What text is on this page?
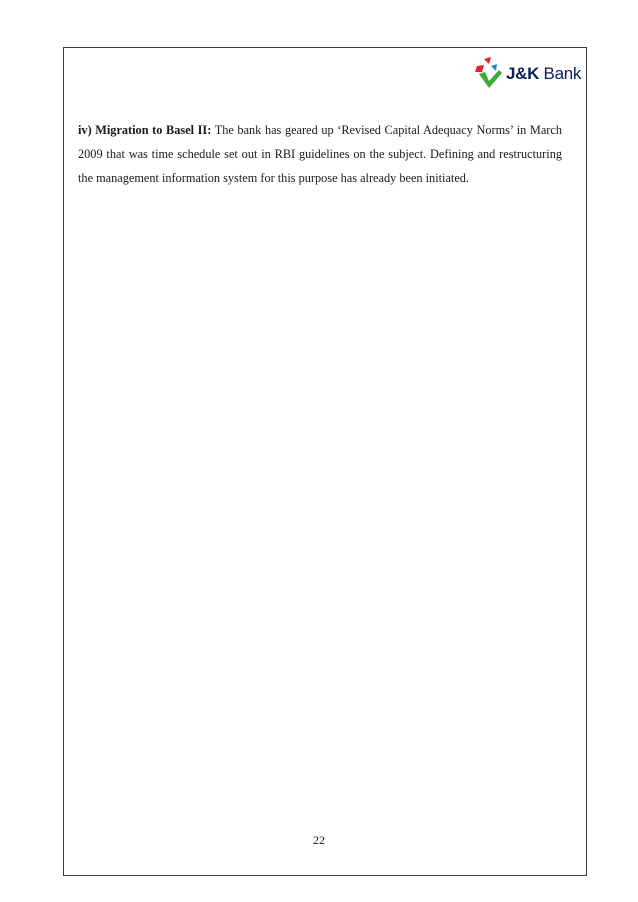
J&K Bank

iv) Migration to Basel II: The bank has geared up ‘Revised Capital Adequacy Norms’ in March 2009 that was time schedule set out in RBI guidelines on the subject. Defining and restructuring the management information system for this purpose has already been initiated.

22
